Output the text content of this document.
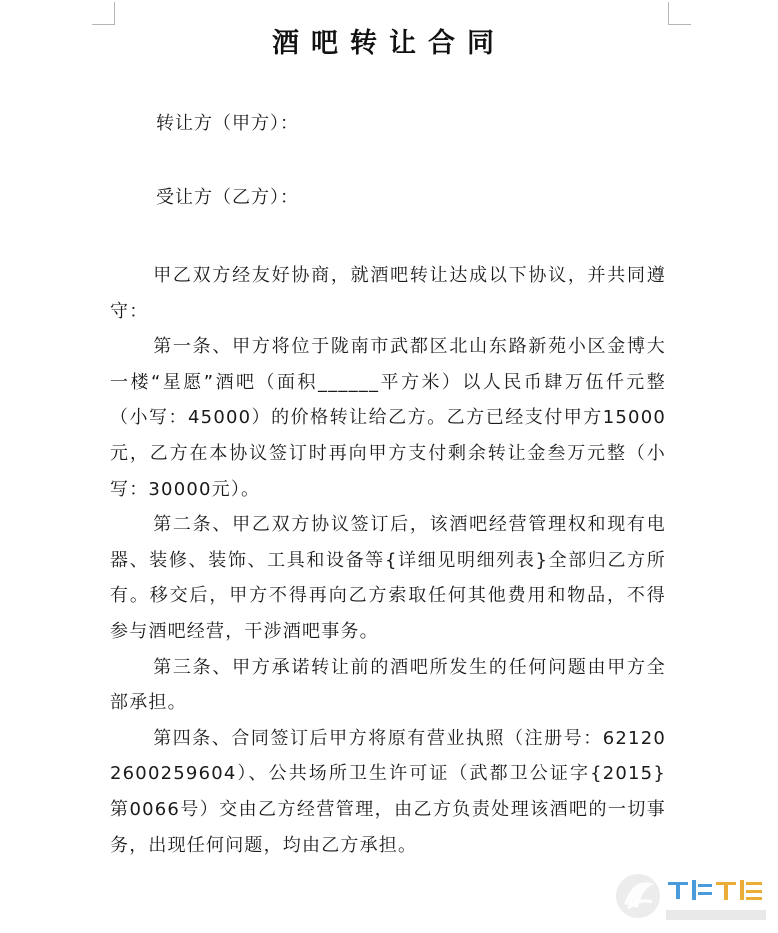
酒吧转让合同
转让方（甲方）：
受让方（乙方）：

甲乙双方经友好协商，就酒吧转让达成以下协议，并共同遵守：

第一条、甲方将位于陇南市武都区北山东路新苑小区金博大一楼“星愿”酒吧（面积______平方米）以人民币肆万伍仟元整（小写：45000）的价格转让给乙方。乙方已经支付甲方15000元，乙方在本协议签订时再向甲方支付剩余转让金叁万元整（小写：30000元）。

第二条、甲乙双方协议签订后，该酒吧经营管理权和现有电器、装修、装饰、工具和设备等{详细见明细列表}全部归乙方所有。移交后，甲方不得再向乙方索取任何其他费用和物品，不得参与酒吧经营，干涉酒吧事务。

第三条、甲方承诺转让前的酒吧所发生的任何问题由甲方全部承担。

第四条、合同签订后甲方将原有营业执照（注册号：621202600259604）、公共场所卫生许可证（武都卫公证字{2015}第0066号）交由乙方经营管理，由乙方负责处理该酒吧的一切事务，出现任何问题，均由乙方承担。
